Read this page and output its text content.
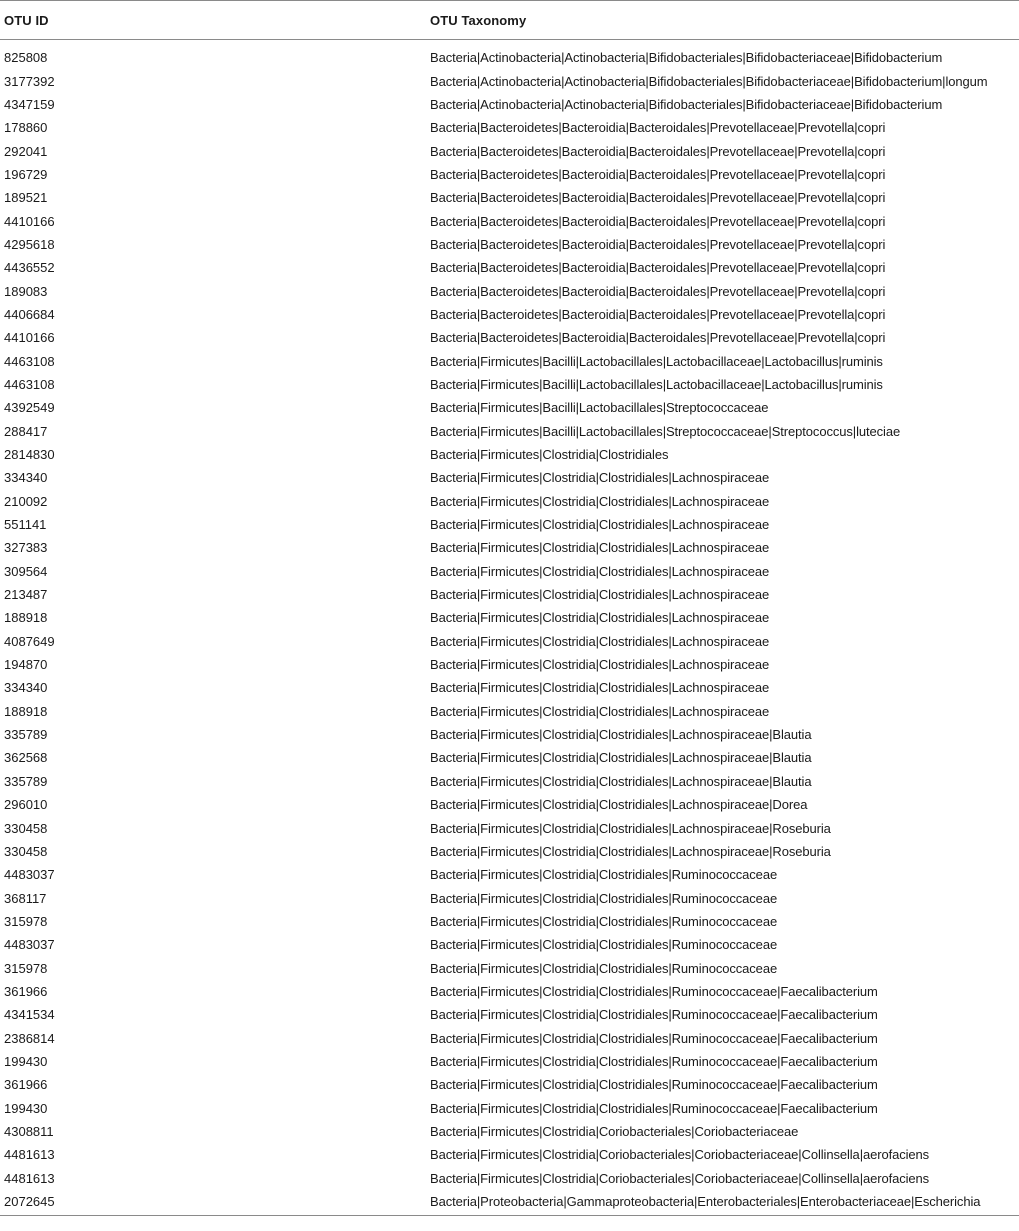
OTU ID	OTU Taxonomy
825808	Bacteria|Actinobacteria|Actinobacteria|Bifidobacteriales|Bifidobacteriaceae|Bifidobacterium
3177392	Bacteria|Actinobacteria|Actinobacteria|Bifidobacteriales|Bifidobacteriaceae|Bifidobacterium|longum
4347159	Bacteria|Actinobacteria|Actinobacteria|Bifidobacteriales|Bifidobacteriaceae|Bifidobacterium
178860	Bacteria|Bacteroidetes|Bacteroidia|Bacteroidales|Prevotellaceae|Prevotella|copri
292041	Bacteria|Bacteroidetes|Bacteroidia|Bacteroidales|Prevotellaceae|Prevotella|copri
196729	Bacteria|Bacteroidetes|Bacteroidia|Bacteroidales|Prevotellaceae|Prevotella|copri
189521	Bacteria|Bacteroidetes|Bacteroidia|Bacteroidales|Prevotellaceae|Prevotella|copri
4410166	Bacteria|Bacteroidetes|Bacteroidia|Bacteroidales|Prevotellaceae|Prevotella|copri
4295618	Bacteria|Bacteroidetes|Bacteroidia|Bacteroidales|Prevotellaceae|Prevotella|copri
4436552	Bacteria|Bacteroidetes|Bacteroidia|Bacteroidales|Prevotellaceae|Prevotella|copri
189083	Bacteria|Bacteroidetes|Bacteroidia|Bacteroidales|Prevotellaceae|Prevotella|copri
4406684	Bacteria|Bacteroidetes|Bacteroidia|Bacteroidales|Prevotellaceae|Prevotella|copri
4410166	Bacteria|Bacteroidetes|Bacteroidia|Bacteroidales|Prevotellaceae|Prevotella|copri
4463108	Bacteria|Firmicutes|Bacilli|Lactobacillales|Lactobacillaceae|Lactobacillus|ruminis
4463108	Bacteria|Firmicutes|Bacilli|Lactobacillales|Lactobacillaceae|Lactobacillus|ruminis
4392549	Bacteria|Firmicutes|Bacilli|Lactobacillales|Streptococcaceae
288417	Bacteria|Firmicutes|Bacilli|Lactobacillales|Streptococcaceae|Streptococcus|luteciae
2814830	Bacteria|Firmicutes|Clostridia|Clostridiales
334340	Bacteria|Firmicutes|Clostridia|Clostridiales|Lachnospiraceae
210092	Bacteria|Firmicutes|Clostridia|Clostridiales|Lachnospiraceae
551141	Bacteria|Firmicutes|Clostridia|Clostridiales|Lachnospiraceae
327383	Bacteria|Firmicutes|Clostridia|Clostridiales|Lachnospiraceae
309564	Bacteria|Firmicutes|Clostridia|Clostridiales|Lachnospiraceae
213487	Bacteria|Firmicutes|Clostridia|Clostridiales|Lachnospiraceae
188918	Bacteria|Firmicutes|Clostridia|Clostridiales|Lachnospiraceae
4087649	Bacteria|Firmicutes|Clostridia|Clostridiales|Lachnospiraceae
194870	Bacteria|Firmicutes|Clostridia|Clostridiales|Lachnospiraceae
334340	Bacteria|Firmicutes|Clostridia|Clostridiales|Lachnospiraceae
188918	Bacteria|Firmicutes|Clostridia|Clostridiales|Lachnospiraceae
335789	Bacteria|Firmicutes|Clostridia|Clostridiales|Lachnospiraceae|Blautia
362568	Bacteria|Firmicutes|Clostridia|Clostridiales|Lachnospiraceae|Blautia
335789	Bacteria|Firmicutes|Clostridia|Clostridiales|Lachnospiraceae|Blautia
296010	Bacteria|Firmicutes|Clostridia|Clostridiales|Lachnospiraceae|Dorea
330458	Bacteria|Firmicutes|Clostridia|Clostridiales|Lachnospiraceae|Roseburia
330458	Bacteria|Firmicutes|Clostridia|Clostridiales|Lachnospiraceae|Roseburia
4483037	Bacteria|Firmicutes|Clostridia|Clostridiales|Ruminococcaceae
368117	Bacteria|Firmicutes|Clostridia|Clostridiales|Ruminococcaceae
315978	Bacteria|Firmicutes|Clostridia|Clostridiales|Ruminococcaceae
4483037	Bacteria|Firmicutes|Clostridia|Clostridiales|Ruminococcaceae
315978	Bacteria|Firmicutes|Clostridia|Clostridiales|Ruminococcaceae
361966	Bacteria|Firmicutes|Clostridia|Clostridiales|Ruminococcaceae|Faecalibacterium
4341534	Bacteria|Firmicutes|Clostridia|Clostridiales|Ruminococcaceae|Faecalibacterium
2386814	Bacteria|Firmicutes|Clostridia|Clostridiales|Ruminococcaceae|Faecalibacterium
199430	Bacteria|Firmicutes|Clostridia|Clostridiales|Ruminococcaceae|Faecalibacterium
361966	Bacteria|Firmicutes|Clostridia|Clostridiales|Ruminococcaceae|Faecalibacterium
199430	Bacteria|Firmicutes|Clostridia|Clostridiales|Ruminococcaceae|Faecalibacterium
4308811	Bacteria|Firmicutes|Clostridia|Coriobacteriales|Coriobacteriaceae
4481613	Bacteria|Firmicutes|Clostridia|Coriobacteriales|Coriobacteriaceae|Collinsella|aerofaciens
4481613	Bacteria|Firmicutes|Clostridia|Coriobacteriales|Coriobacteriaceae|Collinsella|aerofaciens
2072645	Bacteria|Proteobacteria|Gammaproteobacteria|Enterobacteriales|Enterobacteriaceae|Escherichia
